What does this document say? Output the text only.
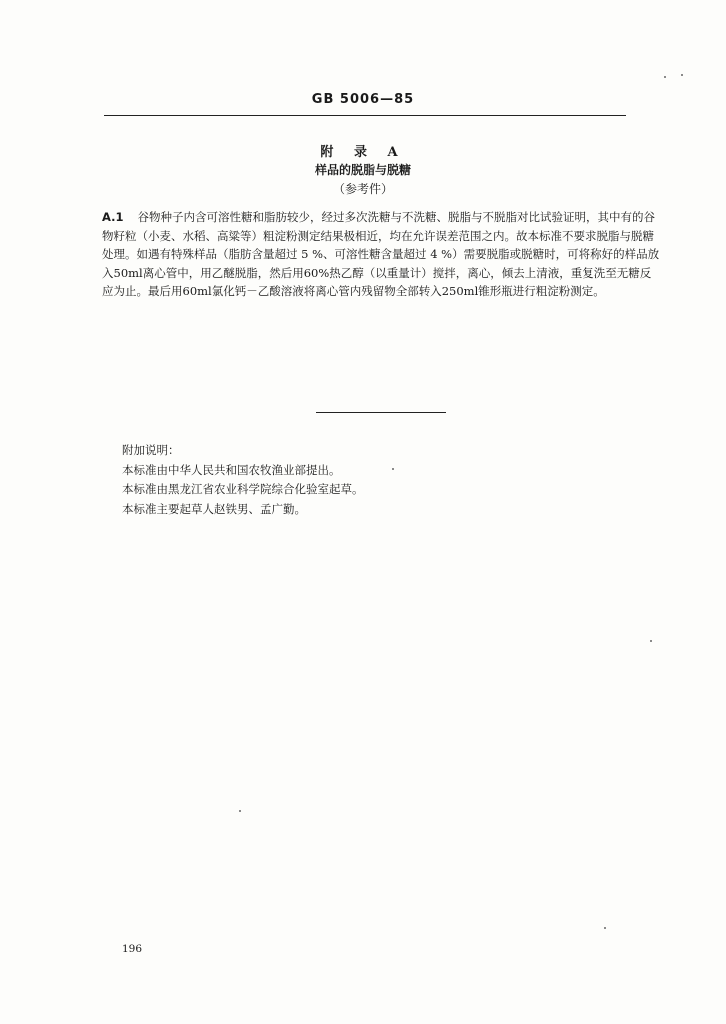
GB 5006—85
附 录 A
样品的脱脂与脱糖
（参考件）
A.1 谷物种子内含可溶性糖和脂肪较少，经过多次洗糖与不洗糖、脱脂与不脱脂对比试验证明，其中有的谷物籽粒（小麦、水稻、高粱等）粗淀粉测定结果极相近，均在允许误差范围之内。故本标准不要求脱脂与脱糖处理。如遇有特殊样品（脂肪含量超过 5 %、可溶性糖含量超过 4 %）需要脱脂或脱糖时，可将称好的样品放入50ml离心管中，用乙醚脱脂，然后用60%热乙醇（以重量计）搅拌，离心，倾去上清液，重复洗至无糖反应为止。最后用60ml氯化钙－乙酸溶液将离心管内残留物全部转入250ml锥形瓶进行粗淀粉测定。
附加说明：
本标准由中华人民共和国农牧渔业部提出。
本标准由黑龙江省农业科学院综合化验室起草。
本标准主要起草人赵铁男、孟广勤。
196
